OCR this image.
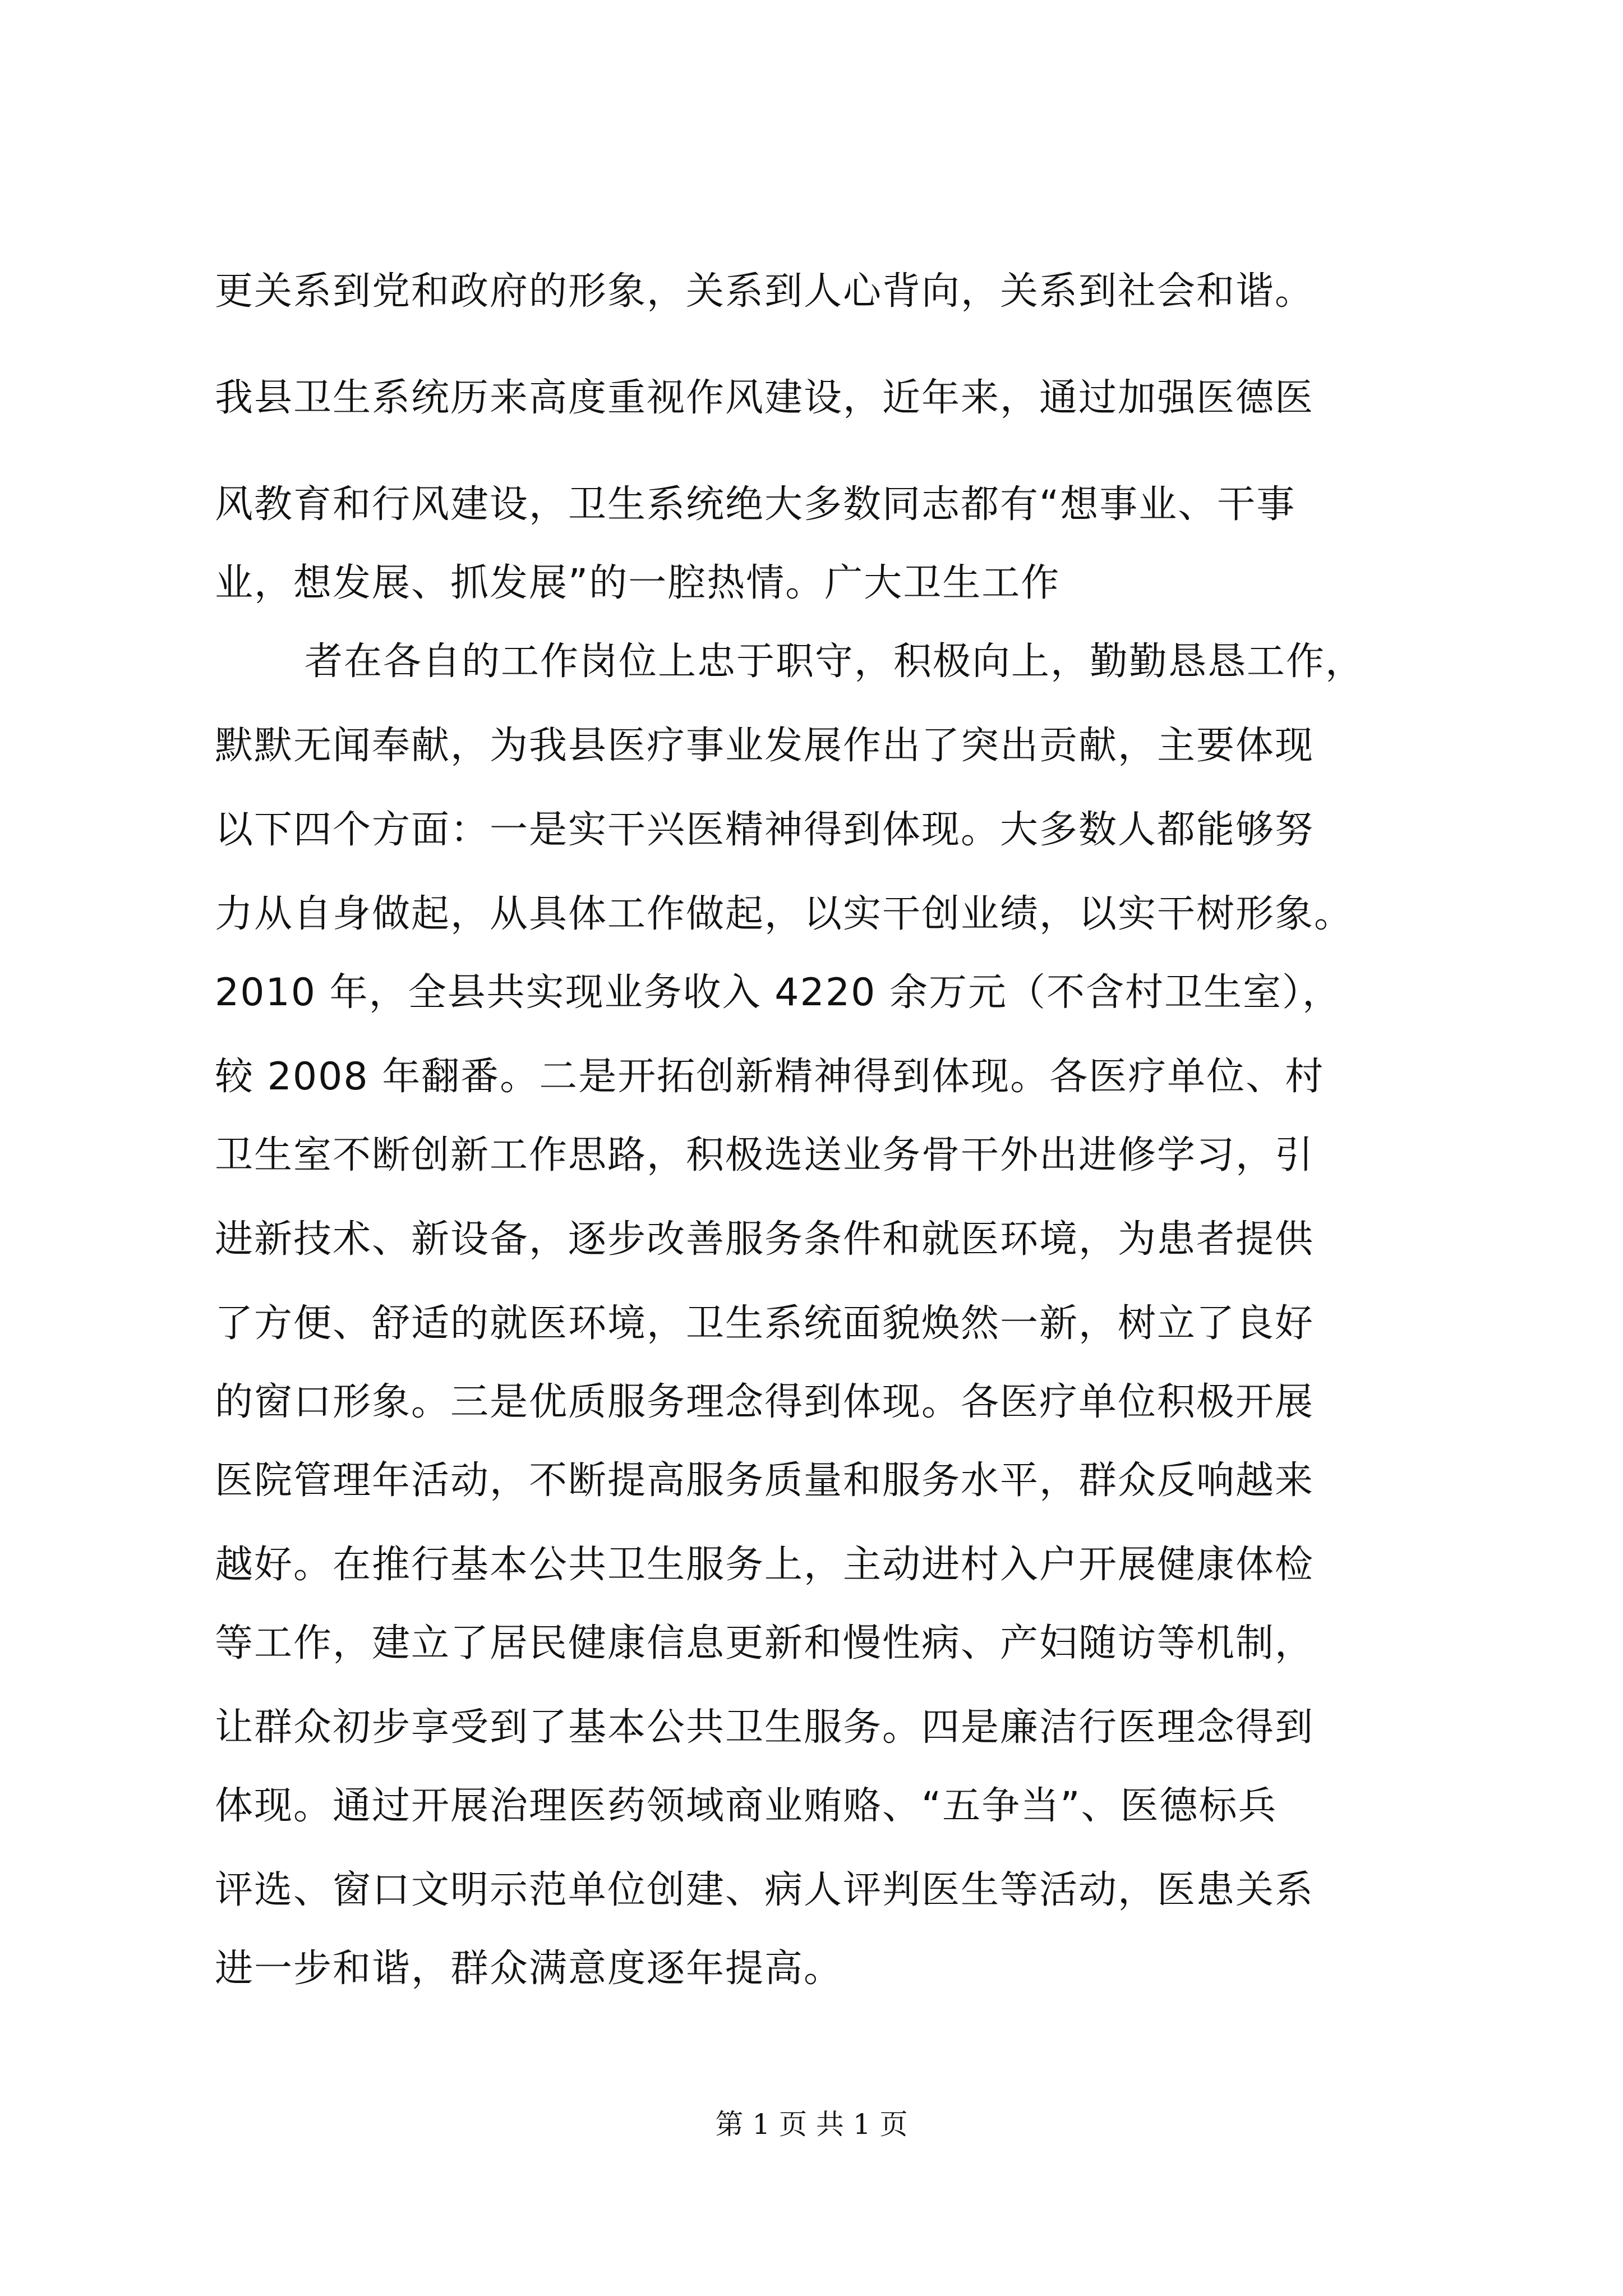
更关系到党和政府的形象，关系到人心背向，关系到社会和谐。
我县卫生系统历来高度重视作风建设，近年来，通过加强医德医
风教育和行风建设，卫生系统绝大多数同志都有“想事业、干事
业，想发展、抓发展”的一腔热情。广大卫生工作
者在各自的工作岗位上忠于职守，积极向上，勤勤恳恳工作，
默默无闻奉献，为我县医疗事业发展作出了突出贡献，主要体现
以下四个方面：一是实干兴医精神得到体现。大多数人都能够努
力从自身做起，从具体工作做起，以实干创业绩，以实干树形象。
2010 年，全县共实现业务收入 4220 余万元（不含村卫生室），
较 2008 年翻番。二是开拓创新精神得到体现。各医疗单位、村
卫生室不断创新工作思路，积极选送业务骨干外出进修学习，引
进新技术、新设备，逐步改善服务条件和就医环境，为患者提供
了方便、舒适的就医环境，卫生系统面貌焕然一新，树立了良好
的窗口形象。三是优质服务理念得到体现。各医疗单位积极开展
医院管理年活动，不断提高服务质量和服务水平，群众反响越来
越好。在推行基本公共卫生服务上，主动进村入户开展健康体检
等工作，建立了居民健康信息更新和慢性病、产妇随访等机制，
让群众初步享受到了基本公共卫生服务。四是廉洁行医理念得到
体现。通过开展治理医药领域商业贿赂、“五争当”、医德标兵
评选、窗口文明示范单位创建、病人评判医生等活动，医患关系
进一步和谐，群众满意度逐年提高。
第 1 页 共 1 页
